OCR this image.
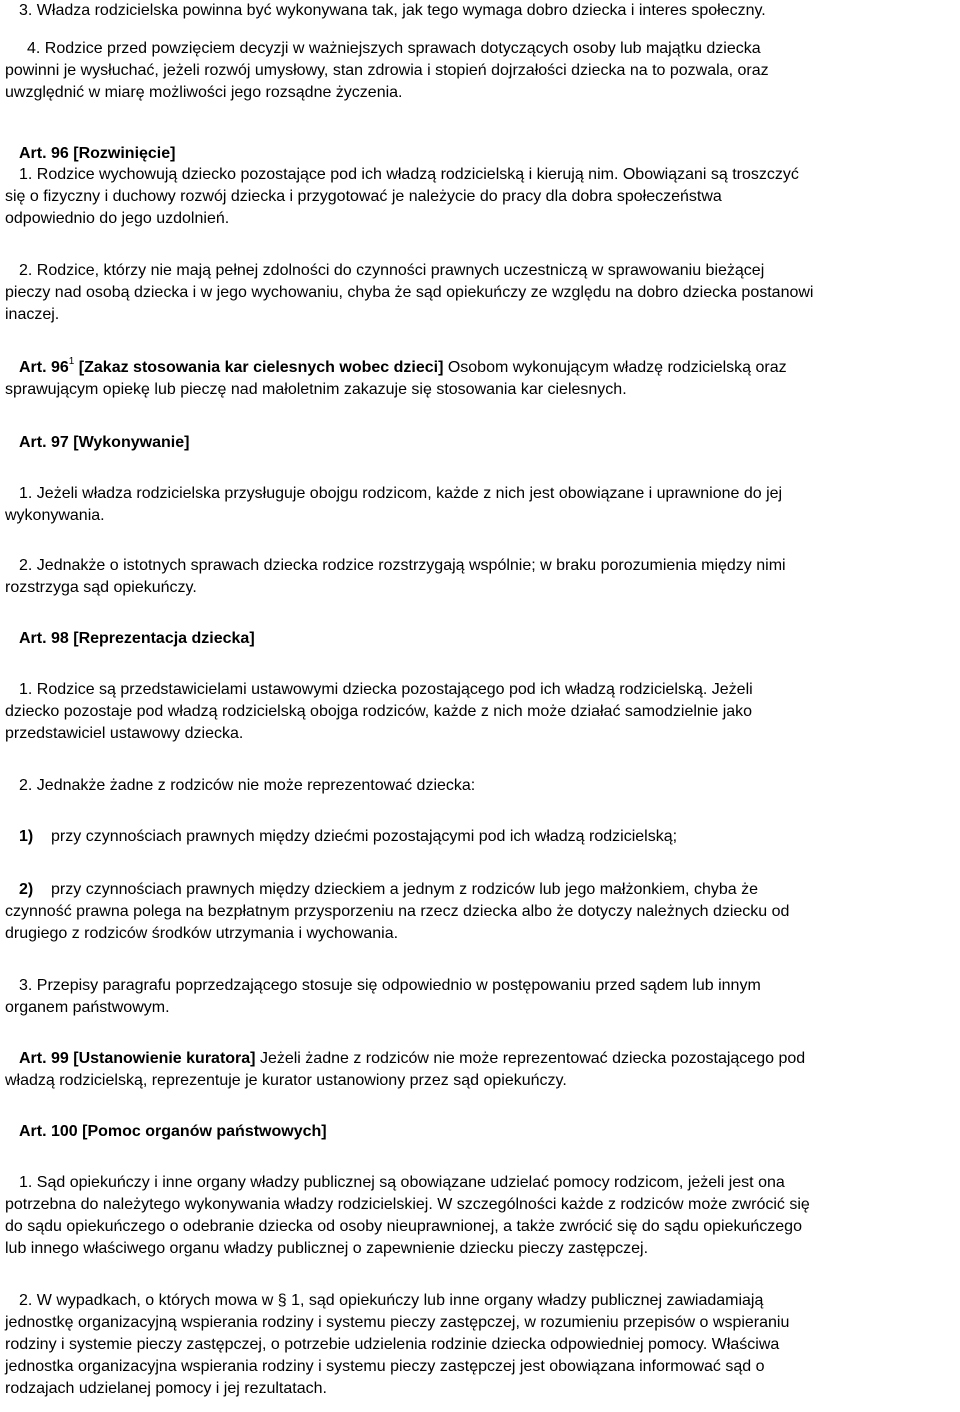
3. Władza rodzicielska powinna być wykonywana tak, jak tego wymaga dobro dziecka i interes społeczny.
4. Rodzice przed powzięciem decyzji w ważniejszych sprawach dotyczących osoby lub majątku dziecka
powinni je wysłuchać, jeżeli rozwój umysłowy, stan zdrowia i stopień dojrzałości dziecka na to pozwala, oraz
uwzględnić w miarę możliwości jego rozsądne życzenia.
Art. 96 [Rozwinięcie]
1. Rodzice wychowują dziecko pozostające pod ich władzą rodzicielską i kierują nim. Obowiązani są troszczyć
się o fizyczny i duchowy rozwój dziecka i przygotować je należycie do pracy dla dobra społeczeństwa
odpowiednio do jego uzdolnień.
2. Rodzice, którzy nie mają pełnej zdolności do czynności prawnych uczestniczą w sprawowaniu bieżącej
pieczy nad osobą dziecka i w jego wychowaniu, chyba że sąd opiekuńczy ze względu na dobro dziecka postanowi
inaczej.
Art. $96^1$ [Zakaz stosowania kar cielesnych wobec dzieci] Osobom wykonującym władzę rodzicielską oraz
sprawującym opiekę lub pieczę nad małoletnim zakazuje się stosowania kar cielesnych.
Art. 97 [Wykonywanie]
1. Jeżeli władza rodzicielska przysługuje obojgu rodzicom, każde z nich jest obowiązane i uprawnione do jej
wykonywania.
2. Jednakże o istotnych sprawach dziecka rodzice rozstrzygają wspólnie; w braku porozumienia między nimi
rozstrzyga sąd opiekuńczy.
Art. 98 [Reprezentacja dziecka]
1. Rodzice są przedstawicielami ustawowymi dziecka pozostającego pod ich władzą rodzicielską. Jeżeli
dziecko pozostaje pod władzą rodzicielską obojga rodziców, każde z nich może działać samodzielnie jako
przedstawiciel ustawowy dziecka.
2. Jednakże żadne z rodziców nie może reprezentować dziecka:
1) przy czynnościach prawnych między dziećmi pozostającymi pod ich władzą rodzicielską;
2) przy czynnościach prawnych między dzieckiem a jednym z rodziców lub jego małżonkiem, chyba że
czynność prawna polega na bezpłatnym przysporzeniu na rzecz dziecka albo że dotyczy należnych dziecku od
drugiego z rodziców środków utrzymania i wychowania.
3. Przepisy paragrafu poprzedzającego stosuje się odpowiednio w postępowaniu przed sądem lub innym
organem państwowym.
Art. 99 [Ustanowienie kuratora] Jeżeli żadne z rodziców nie może reprezentować dziecka pozostającego pod
władzą rodzicielską, reprezentuje je kurator ustanowiony przez sąd opiekuńczy.
Art. 100 [Pomoc organów państwowych]
1. Sąd opiekuńczy i inne organy władzy publicznej są obowiązane udzielać pomocy rodzicom, jeżeli jest ona
potrzebna do należytego wykonywania władzy rodzicielskiej. W szczególności każde z rodziców może zwrócić się
do sądu opiekuńczego o odebranie dziecka od osoby nieuprawnionej, a także zwrócić się do sądu opiekuńczego
lub innego właściwego organu władzy publicznej o zapewnienie dziecku pieczy zastępczej.
2. W wypadkach, o których mowa w § 1, sąd opiekuńczy lub inne organy władzy publicznej zawiadamiają
jednostkę organizacyjną wspierania rodziny i systemu pieczy zastępczej, w rozumieniu przepisów o wspieraniu
rodziny i systemie pieczy zastępczej, o potrzebie udzielenia rodzinie dziecka odpowiedniej pomocy. Właściwa
jednostka organizacyjna wspierania rodziny i systemu pieczy zastępczej jest obowiązana informować sąd o
rodzajach udzielanej pomocy i jej rezultatach.
